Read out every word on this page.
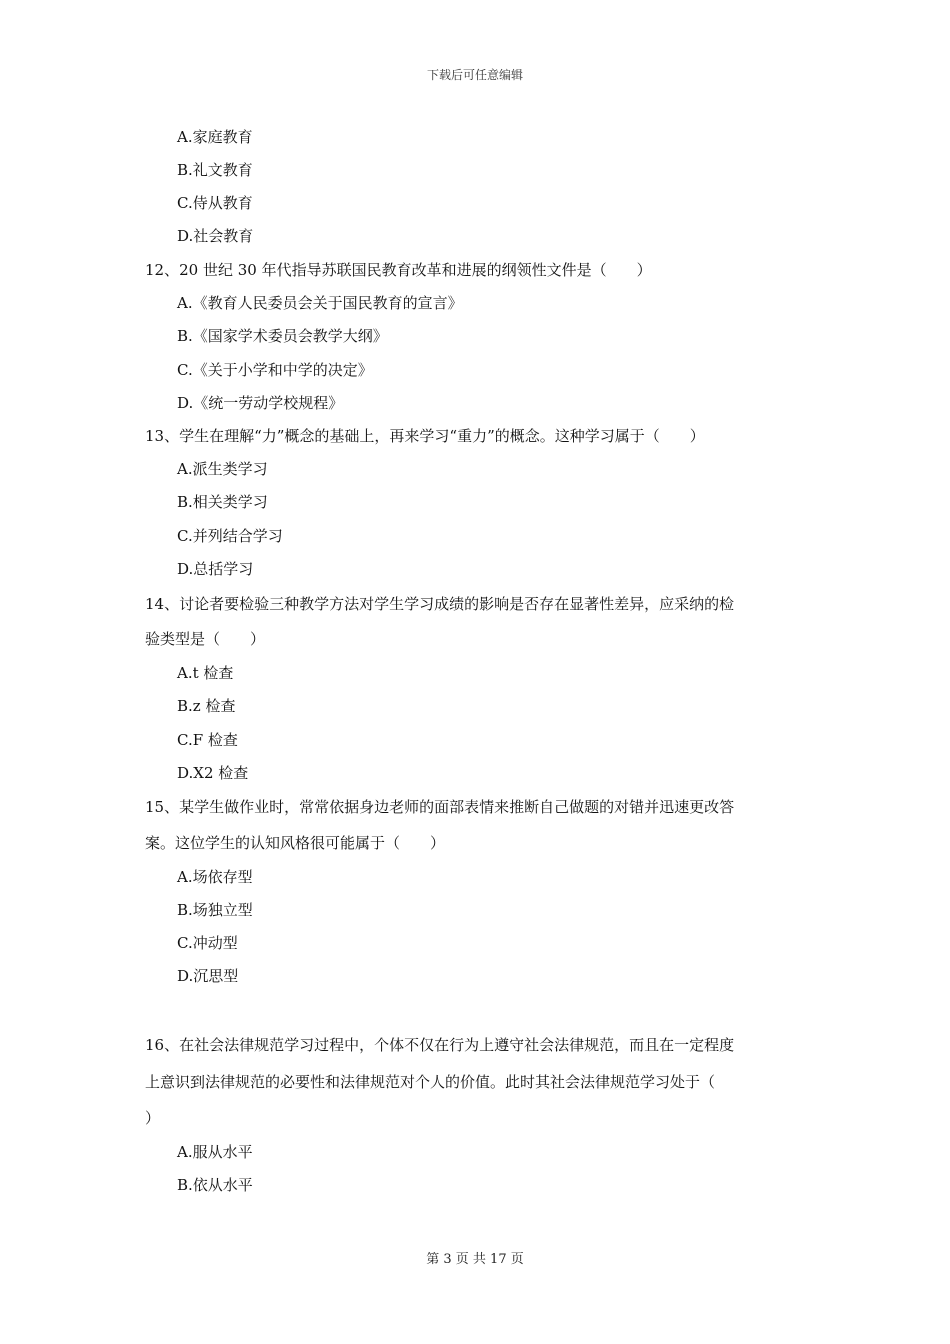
下载后可任意编辑
A.家庭教育
B.礼文教育
C.侍从教育
D.社会教育
12、20 世纪 30 年代指导苏联国民教育改革和进展的纲领性文件是（　　）
A.《教育人民委员会关于国民教育的宣言》
B.《国家学术委员会教学大纲》
C.《关于小学和中学的决定》
D.《统一劳动学校规程》
13、学生在理解“力”概念的基础上，再来学习“重力”的概念。这种学习属于（　　）
A.派生类学习
B.相关类学习
C.并列结合学习
D.总括学习
14、讨论者要检验三种教学方法对学生学习成绩的影响是否存在显著性差异，应采纳的检
验类型是（　　）
A.t 检查
B.z 检查
C.F 检查
D.X2 检查
15、某学生做作业时，常常依据身边老师的面部表情来推断自己做题的对错并迅速更改答
案。这位学生的认知风格很可能属于（　　）
A.场依存型
B.场独立型
C.冲动型
D.沉思型
16、在社会法律规范学习过程中，个体不仅在行为上遵守社会法律规范，而且在一定程度
上意识到法律规范的必要性和法律规范对个人的价值。此时其社会法律规范学习处于（
）
A.服从水平
B.依从水平
第 3 页 共 17 页
